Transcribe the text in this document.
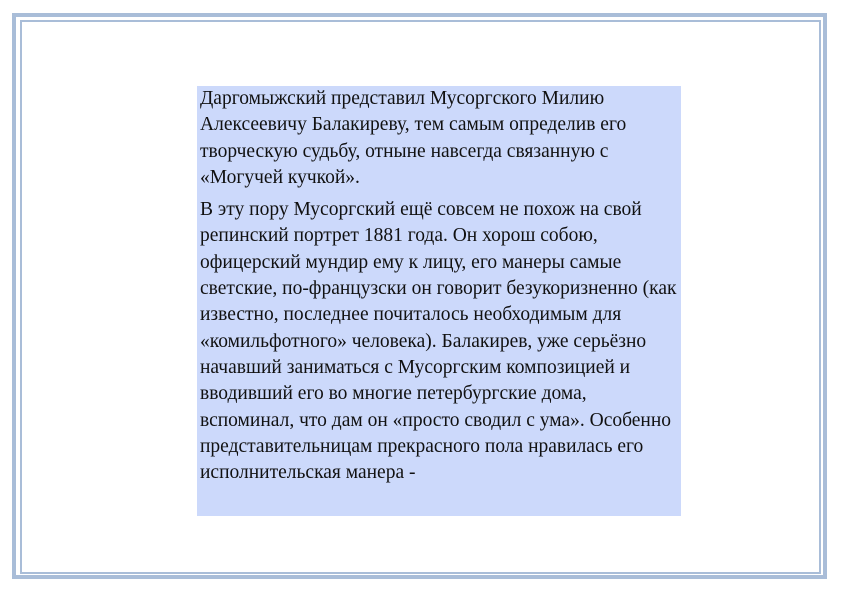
Даргомыжский представил Мусоргского Милию Алексеевичу Балакиреву, тем самым определив его творческую судьбу, отныне навсегда связанную с «Могучей кучкой».

В эту пору Мусоргский ещё совсем не похож на свой репинский портрет 1881 года. Он хорош собою, офицерский мундир ему к лицу, его манеры самые светские, по-французски он говорит безукоризненно (как известно, последнее почиталось необходимым для «комильфотного» человека). Балакирев, уже серьёзно начавший заниматься с Мусоргским композицией и вводивший его во многие петербургские дома, вспоминал, что дам он «просто сводил с ума». Особенно представительницам прекрасного пола нравилась его исполнительская манера -
